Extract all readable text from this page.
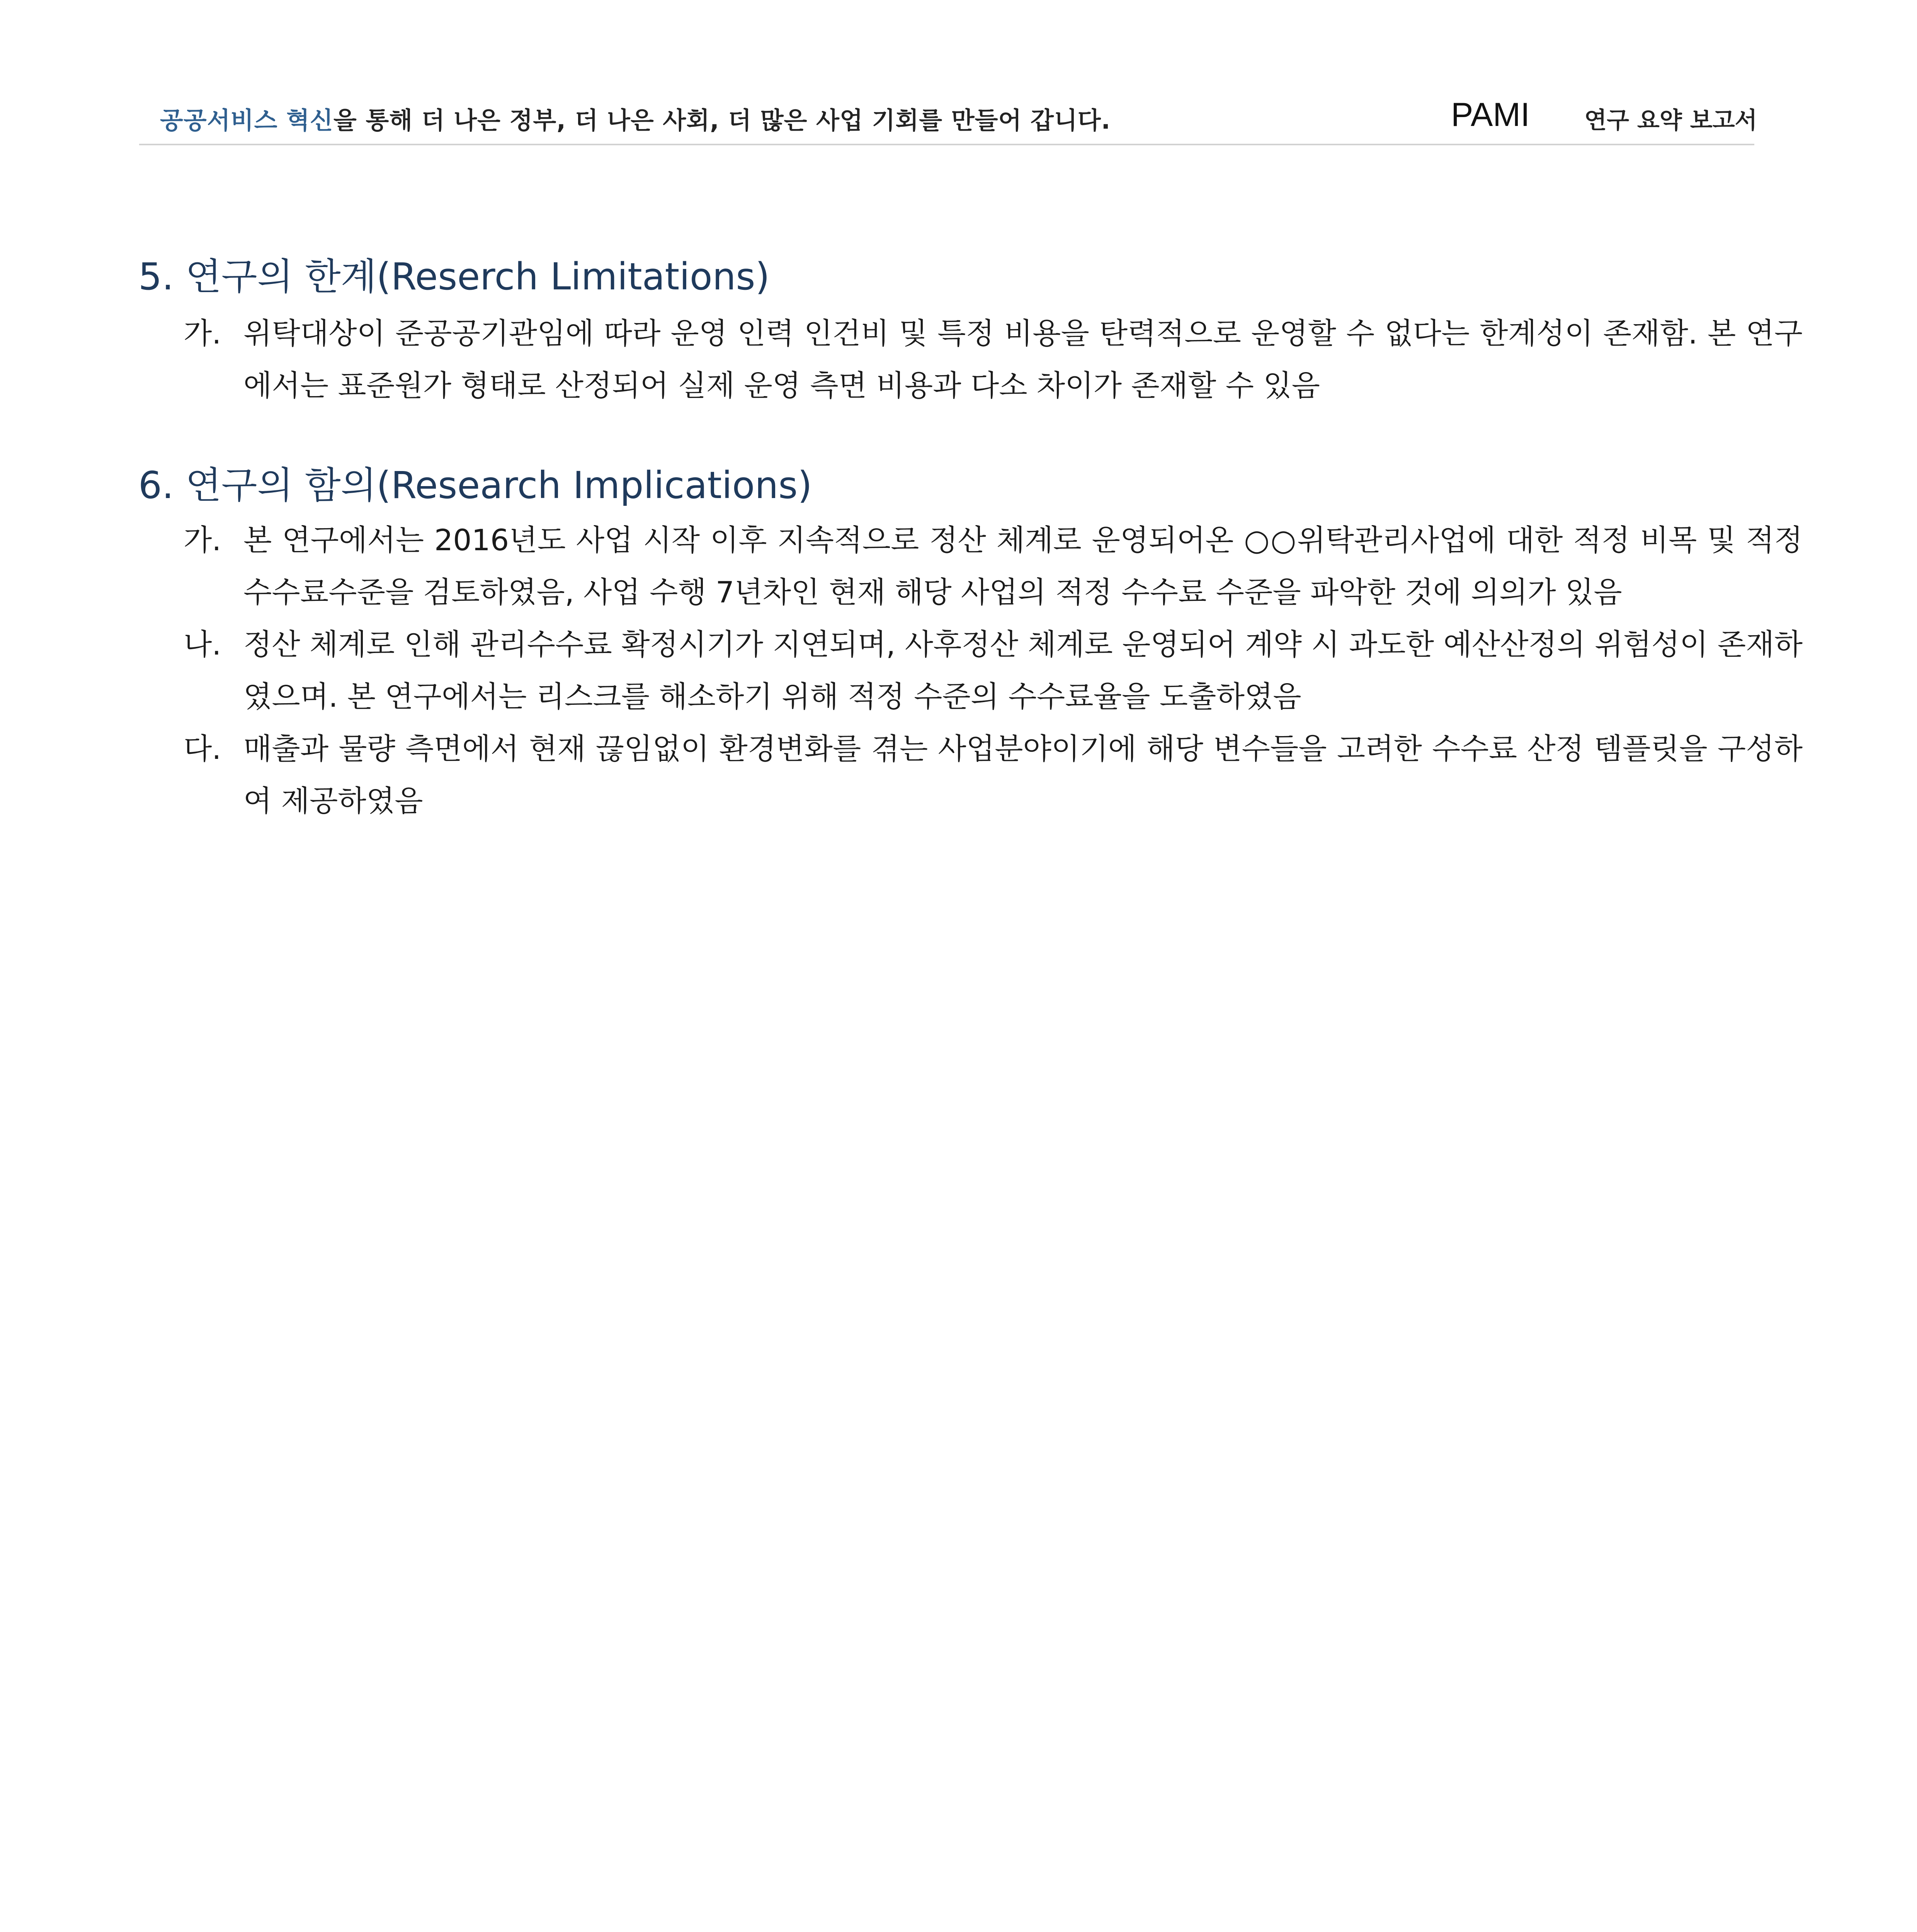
공공서비스 혁신을 통해 더 나은 정부, 더 나은 사회, 더 많은 사업 기회를 만들어 갑니다.	PAMI 연구 요약 보고서
5. 연구의 한계(Reserch Limitations)
가. 위탁대상이 준공공기관임에 따라 운영 인력 인건비 및 특정 비용을 탄력적으로 운영할 수 없다는 한계성이 존재함. 본 연구에서는 표준원가 형태로 산정되어 실제 운영 측면 비용과 다소 차이가 존재할 수 있음
6. 연구의 함의(Research Implications)
가. 본 연구에서는 2016년도 사업 시작 이후 지속적으로 정산 체계로 운영되어온 ○○위탁관리사업에 대한 적정 비목 및 적정 수수료수준을 검토하였음, 사업 수행 7년차인 현재 해당 사업의 적정 수수료 수준을 파악한 것에 의의가 있음
나. 정산 체계로 인해 관리수수료 확정시기가 지연되며, 사후정산 체계로 운영되어 계약 시 과도한 예산산정의 위험성이 존재하였으며. 본 연구에서는 리스크를 해소하기 위해 적정 수준의 수수료율을 도출하였음
다. 매출과 물량 측면에서 현재 끊임없이 환경변화를 겪는 사업분야이기에 해당 변수들을 고려한 수수료 산정 템플릿을 구성하여 제공하였음
